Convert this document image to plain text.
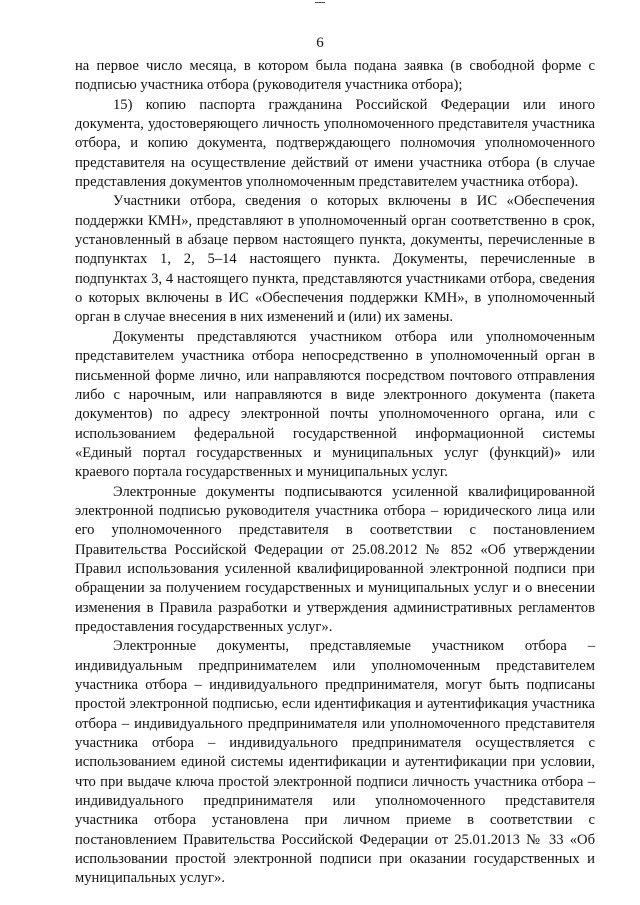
6

на первое число месяца, в котором была подана заявка (в свободной форме с подписью участника отбора (руководителя участника отбора);

15) копию паспорта гражданина Российской Федерации или иного документа, удостоверяющего личность уполномоченного представителя участника отбора, и копию документа, подтверждающего полномочия уполномоченного представителя на осуществление действий от имени участника отбора (в случае представления документов уполномоченным представителем участника отбора).

Участники отбора, сведения о которых включены в ИС «Обеспечения поддержки КМН», представляют в уполномоченный орган соответственно в срок, установленный в абзаце первом настоящего пункта, документы, перечисленные в подпунктах 1, 2, 5–14 настоящего пункта. Документы, перечисленные в подпунктах 3, 4 настоящего пункта, представляются участниками отбора, сведения о которых включены в ИС «Обеспечения поддержки КМН», в уполномоченный орган в случае внесения в них изменений и (или) их замены.

Документы представляются участником отбора или уполномоченным представителем участника отбора непосредственно в уполномоченный орган в письменной форме лично, или направляются посредством почтового отправления либо с нарочным, или направляются в виде электронного документа (пакета документов) по адресу электронной почты уполномоченного органа, или с использованием федеральной государственной информационной системы «Единый портал государственных и муниципальных услуг (функций)» или краевого портала государственных и муниципальных услуг.

Электронные документы подписываются усиленной квалифицированной электронной подписью руководителя участника отбора – юридического лица или его уполномоченного представителя в соответствии с постановлением Правительства Российской Федерации от 25.08.2012 № 852 «Об утверждении Правил использования усиленной квалифицированной электронной подписи при обращении за получением государственных и муниципальных услуг и о внесении изменения в Правила разработки и утверждения административных регламентов предоставления государственных услуг».

Электронные документы, представляемые участником отбора – индивидуальным предпринимателем или уполномоченным представителем участника отбора – индивидуального предпринимателя, могут быть подписаны простой электронной подписью, если идентификация и аутентификация участника отбора – индивидуального предпринимателя или уполномоченного представителя участника отбора – индивидуального предпринимателя осуществляется с использованием единой системы идентификации и аутентификации при условии, что при выдаче ключа простой электронной подписи личность участника отбора – индивидуального предпринимателя или уполномоченного представителя участника отбора установлена при личном приеме в соответствии с постановлением Правительства Российской Федерации от 25.01.2013 № 33 «Об использовании простой электронной подписи при оказании государственных и муниципальных услуг».
